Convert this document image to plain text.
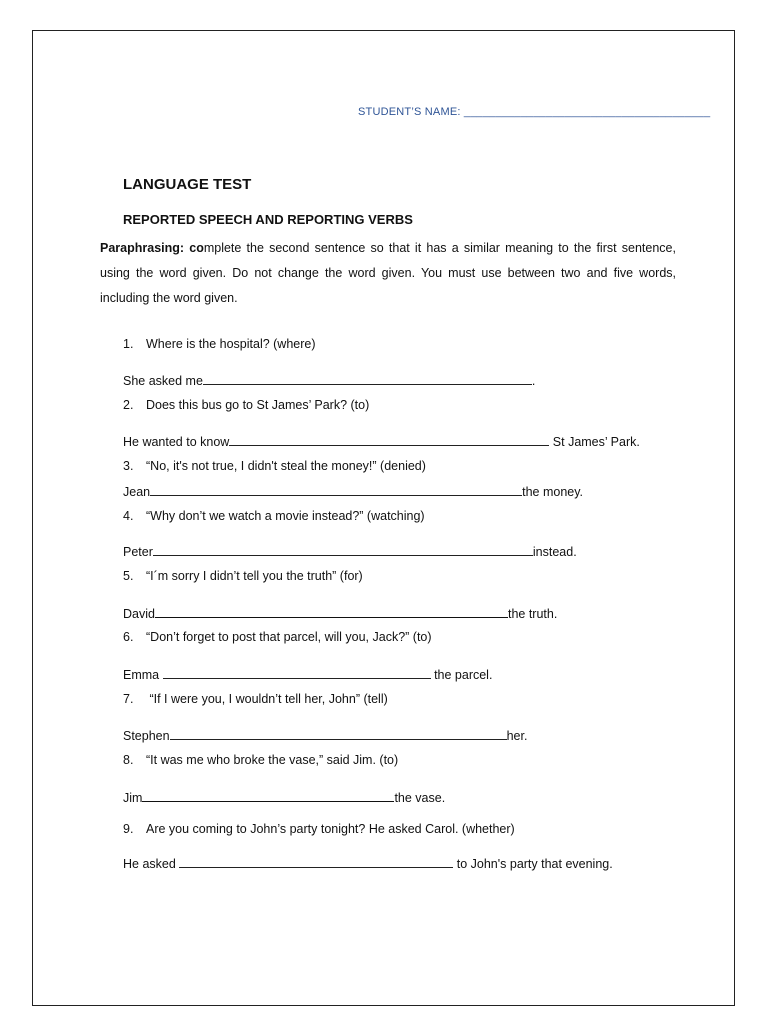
STUDENT’S NAME: _______________________________________
LANGUAGE TEST
REPORTED SPEECH AND REPORTING VERBS
Paraphrasing: complete the second sentence so that it has a similar meaning to the first sentence, using the word given. Do not change the word given. You must use between two and five words, including the word given.
1. Where is the hospital? (where)
She asked me	.
2. Does this bus go to St James’ Park? (to)
He wanted to know	St James’ Park.
3. “No, it's not true, I didn't steal the money!” (denied)
Jean	the money.
4. “Why don’t we watch a movie instead?” (watching)
Peter	instead.
5. “I´m sorry I didn’t tell you the truth” (for)
David	the truth.
6. “Don’t forget to post that parcel, will you, Jack?” (to)
Emma	the parcel.
7. “If I were you, I wouldn’t tell her, John” (tell)
Stephen	her.
8. “It was me who broke the vase,” said Jim. (to)
Jim	the vase.
9. Are you coming to John’s party tonight? He asked Carol. (whether)
He asked	to John's party that evening.
